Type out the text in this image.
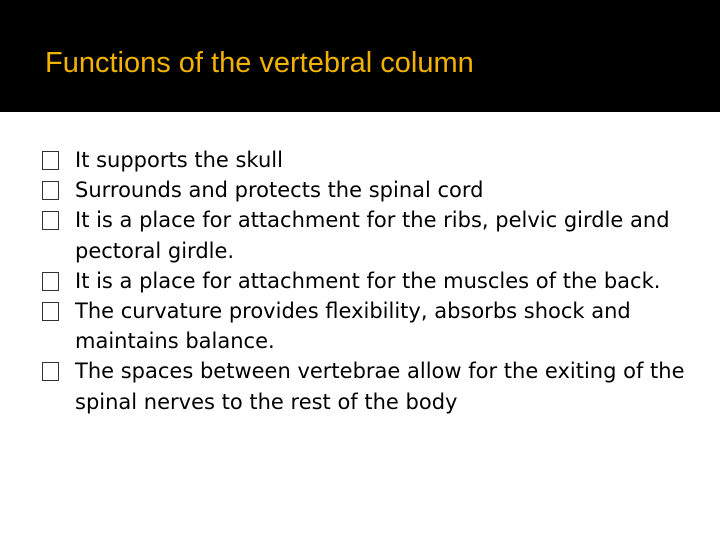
Functions of the vertebral column
It supports the skull
Surrounds and protects the spinal cord
It is a place for attachment for the ribs, pelvic girdle and pectoral girdle.
It is a place for attachment for the muscles of the back.
The curvature provides flexibility, absorbs shock and maintains balance.
The spaces between vertebrae allow for the exiting of the spinal nerves to the rest of the body
